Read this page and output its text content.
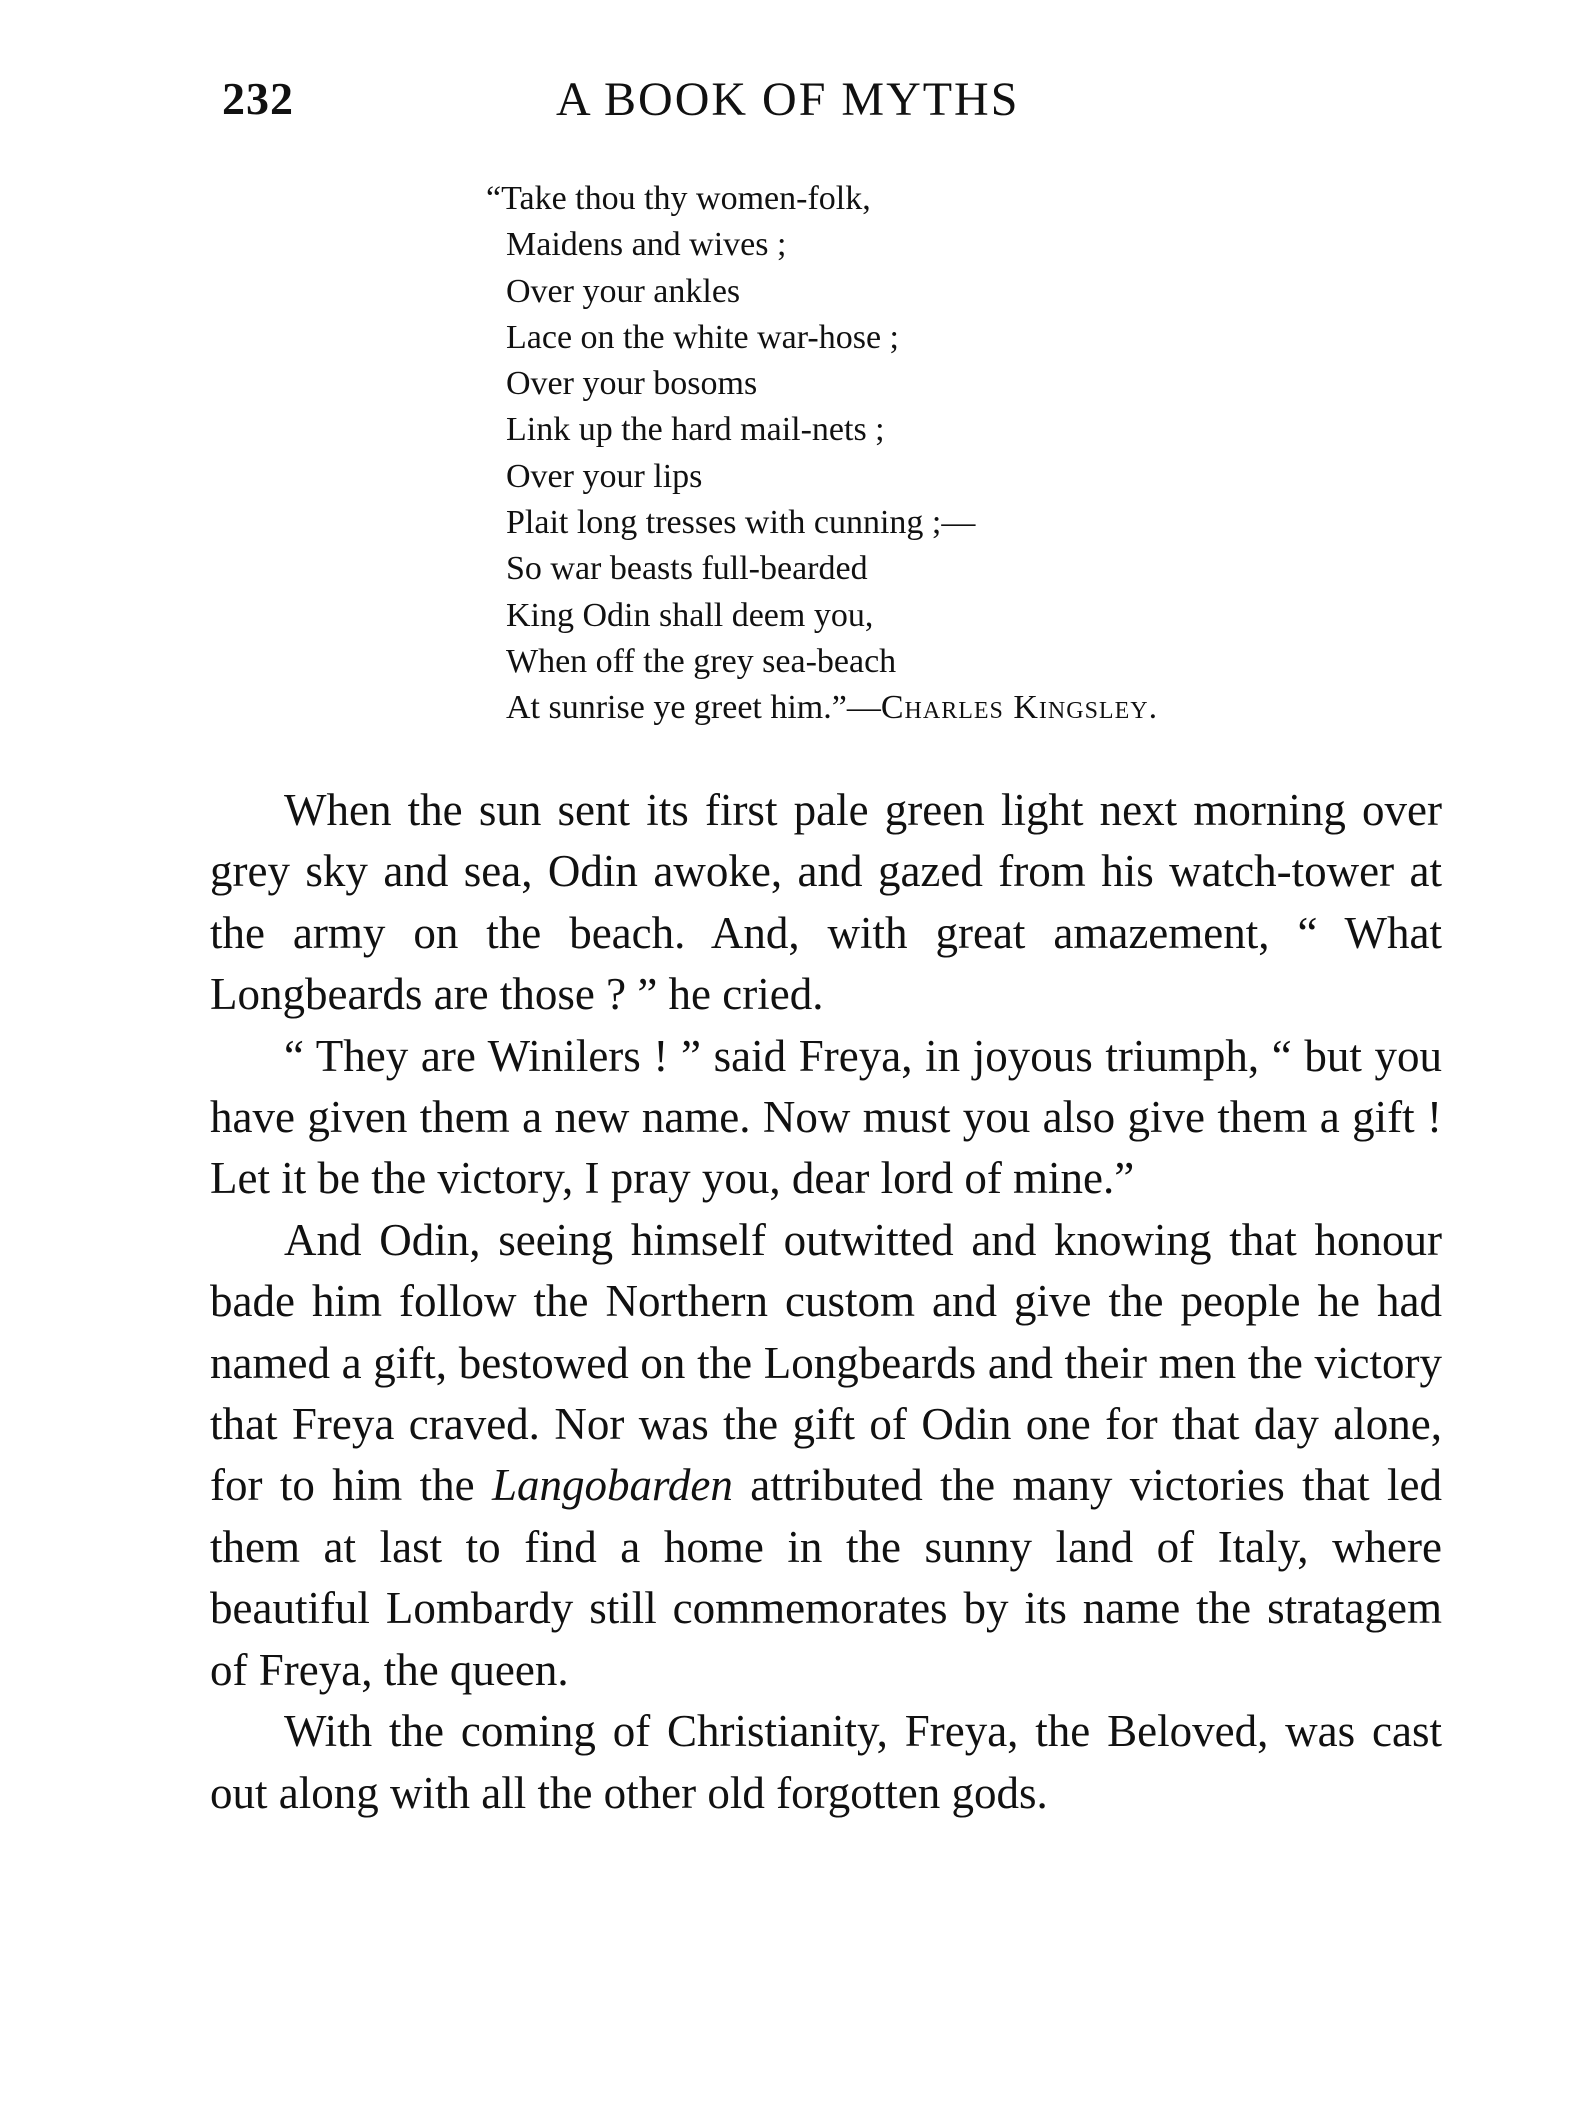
232	A BOOK OF MYTHS
“Take thou thy women-folk,
Maidens and wives ;
Over your ankles
Lace on the white war-hose ;
Over your bosoms
Link up the hard mail-nets ;
Over your lips
Plait long tresses with cunning ;—
So war beasts full-bearded
King Odin shall deem you,
When off the grey sea-beach
At sunrise ye greet him.”—Charles Kingsley.

When the sun sent its first pale green light next morning over grey sky and sea, Odin awoke, and gazed from his watch-tower at the army on the beach. And, with great amazement, “ What Longbeards are those ? ” he cried.

“ They are Winilers ! ” said Freya, in joyous triumph, “ but you have given them a new name. Now must you also give them a gift ! Let it be the victory, I pray you, dear lord of mine.”

And Odin, seeing himself outwitted and knowing that honour bade him follow the Northern custom and give the people he had named a gift, bestowed on the Longbeards and their men the victory that Freya craved. Nor was the gift of Odin one for that day alone, for to him the Langobarden attributed the many victories that led them at last to find a home in the sunny land of Italy, where beautiful Lombardy still commemorates by its name the stratagem of Freya, the queen.

With the coming of Christianity, Freya, the Beloved, was cast out along with all the other old forgotten gods.
